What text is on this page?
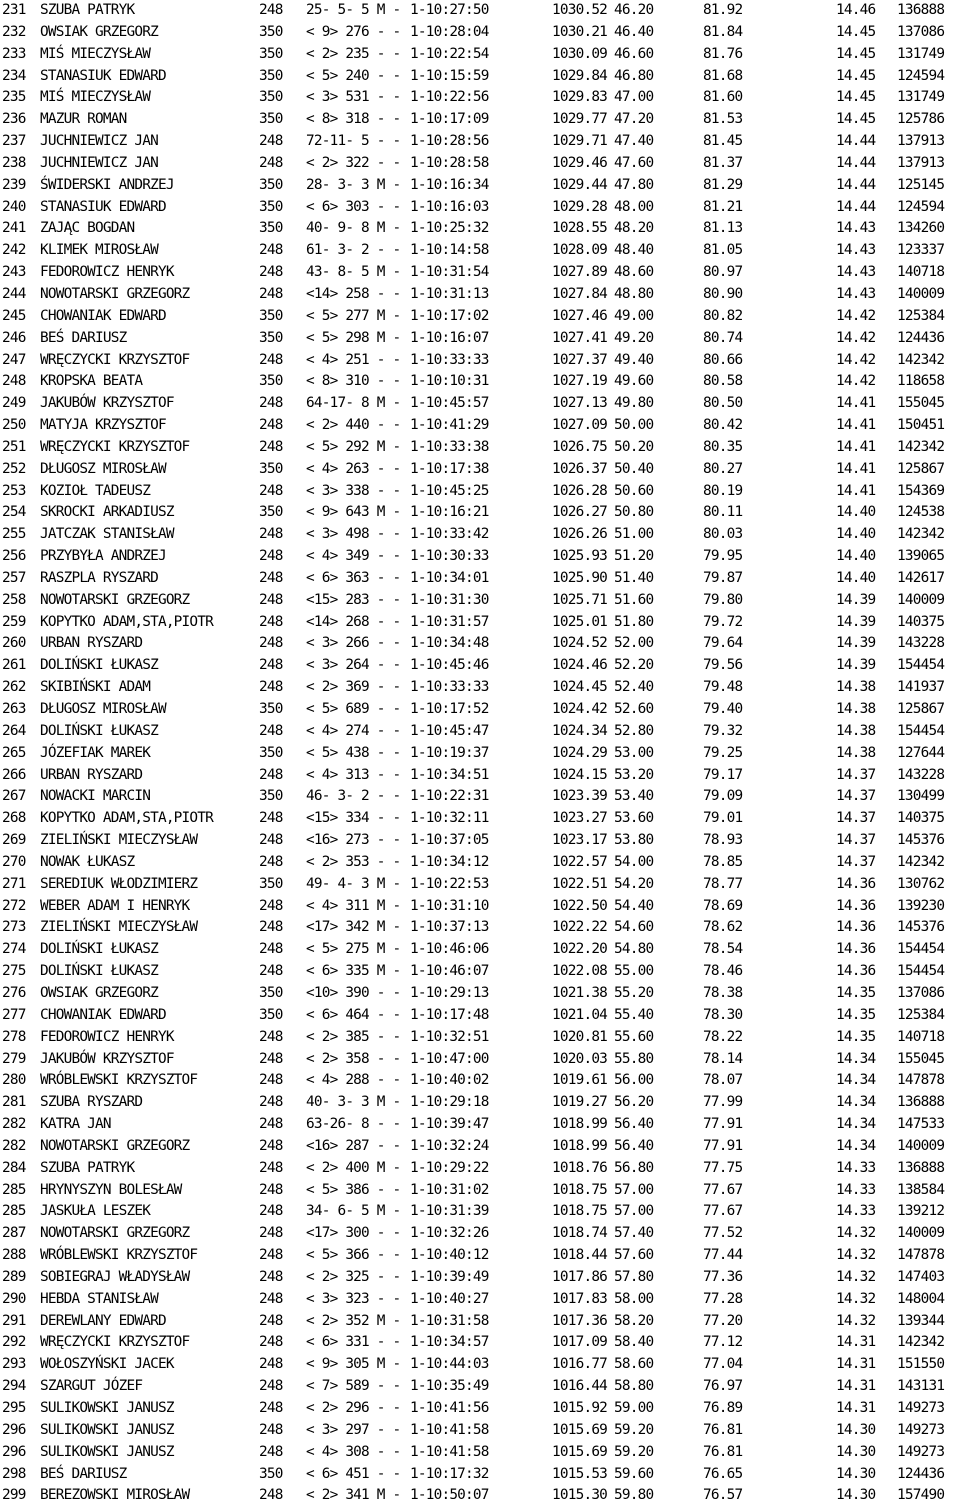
231 SZUBA PATRYK	248 25- 5- 5 M - 1-10:27:50	1030.52 46.20	81.92	14.46 136888
232 OWSIAK GRZEGORZ	350 < 9> 276 - - 1-10:28:04	1030.21 46.40	81.84	14.45 137086
233 MIŚ MIECZYSŁAW	350 < 2> 235 - - 1-10:22:54	1030.09 46.60	81.76	14.45 131749
234 STANASIUK EDWARD	350 < 5> 240 - - 1-10:15:59	1029.84 46.80	81.68	14.45 124594
235 MIŚ MIECZYSŁAW	350 < 3> 531 - - 1-10:22:56	1029.83 47.00	81.60	14.45 131749
236 MAZUR ROMAN	350 < 8> 318 - - 1-10:17:09	1029.77 47.20	81.53	14.45 125786
237 JUCHNIEWICZ JAN	248 72-11- 5 - - 1-10:28:56	1029.71 47.40	81.45	14.44 137913
238 JUCHNIEWICZ JAN	248 < 2> 322 - - 1-10:28:58	1029.46 47.60	81.37	14.44 137913
239 ŚWIDERSKI ANDRZEJ	350 28- 3- 3 M - 1-10:16:34	1029.44 47.80	81.29	14.44 125145
240 STANASIUK EDWARD	350 < 6> 303 - - 1-10:16:03	1029.28 48.00	81.21	14.44 124594
241 ZAJĄC BOGDAN	350 40- 9- 8 M - 1-10:25:32	1028.55 48.20	81.13	14.43 134260
242 KLIMEK MIROSŁAW	248 61- 3- 2 - - 1-10:14:58	1028.09 48.40	81.05	14.43 123337
243 FEDOROWICZ HENRYK	248 43- 8- 5 M - 1-10:31:54	1027.89 48.60	80.97	14.43 140718
244 NOWOTARSKI GRZEGORZ	248 <14> 258 - - 1-10:31:13	1027.84 48.80	80.90	14.43 140009
245 CHOWANIAK EDWARD	350 < 5> 277 M - 1-10:17:02	1027.46 49.00	80.82	14.42 125384
246 BEŚ DARIUSZ	350 < 5> 298 M - 1-10:16:07	1027.41 49.20	80.74	14.42 124436
247 WRĘCZYCKI KRZYSZTOF	248 < 4> 251 - - 1-10:33:33	1027.37 49.40	80.66	14.42 142342
248 KROPSKA BEATA	350 < 8> 310 - - 1-10:10:31	1027.19 49.60	80.58	14.42 118658
249 JAKUBÓW KRZYSZTOF	248 64-17- 8 M - 1-10:45:57	1027.13 49.80	80.50	14.41 155045
250 MATYJA KRZYSZTOF	248 < 2> 440 - - 1-10:41:29	1027.09 50.00	80.42	14.41 150451
251 WRĘCZYCKI KRZYSZTOF	248 < 5> 292 M - 1-10:33:38	1026.75 50.20	80.35	14.41 142342
252 DŁUGOSZ MIROSŁAW	350 < 4> 263 - - 1-10:17:38	1026.37 50.40	80.27	14.41 125867
253 KOZIOŁ TADEUSZ	248 < 3> 338 - - 1-10:45:25	1026.28 50.60	80.19	14.41 154369
254 SKROCKI ARKADIUSZ	350 < 9> 643 M - 1-10:16:21	1026.27 50.80	80.11	14.40 124538
255 JATCZAK STANISŁAW	248 < 3> 498 - - 1-10:33:42	1026.26 51.00	80.03	14.40 142342
256 PRZYBYŁA ANDRZEJ	248 < 4> 349 - - 1-10:30:33	1025.93 51.20	79.95	14.40 139065
257 RASZPLA RYSZARD	248 < 6> 363 - - 1-10:34:01	1025.90 51.40	79.87	14.40 142617
258 NOWOTARSKI GRZEGORZ	248 <15> 283 - - 1-10:31:30	1025.71 51.60	79.80	14.39 140009
259 KOPYTKO ADAM,STA,PIOTR	248 <14> 268 - - 1-10:31:57	1025.01 51.80	79.72	14.39 140375
260 URBAN RYSZARD	248 < 3> 266 - - 1-10:34:48	1024.52 52.00	79.64	14.39 143228
261 DOLIŃSKI ŁUKASZ	248 < 3> 264 - - 1-10:45:46	1024.46 52.20	79.56	14.39 154454
262 SKIBIŃSKI ADAM	248 < 2> 369 - - 1-10:33:33	1024.45 52.40	79.48	14.38 141937
263 DŁUGOSZ MIROSŁAW	350 < 5> 689 - - 1-10:17:52	1024.42 52.60	79.40	14.38 125867
264 DOLIŃSKI ŁUKASZ	248 < 4> 274 - - 1-10:45:47	1024.34 52.80	79.32	14.38 154454
265 JÓZEFIAK MAREK	350 < 5> 438 - - 1-10:19:37	1024.29 53.00	79.25	14.38 127644
266 URBAN RYSZARD	248 < 4> 313 - - 1-10:34:51	1024.15 53.20	79.17	14.37 143228
267 NOWACKI MARCIN	350 46- 3- 2 - - 1-10:22:31	1023.39 53.40	79.09	14.37 130499
268 KOPYTKO ADAM,STA,PIOTR	248 <15> 334 - - 1-10:32:11	1023.27 53.60	79.01	14.37 140375
269 ZIELIŃSKI MIECZYSŁAW	248 <16> 273 - - 1-10:37:05	1023.17 53.80	78.93	14.37 145376
270 NOWAK ŁUKASZ	248 < 2> 353 - - 1-10:34:12	1022.57 54.00	78.85	14.37 142342
271 SEREDIUK WŁODZIMIERZ	350 49- 4- 3 M - 1-10:22:53	1022.51 54.20	78.77	14.36 130762
272 WEBER ADAM I HENRYK	248 < 4> 311 M - 1-10:31:10	1022.50 54.40	78.69	14.36 139230
273 ZIELIŃSKI MIECZYSŁAW	248 <17> 342 M - 1-10:37:13	1022.22 54.60	78.62	14.36 145376
274 DOLIŃSKI ŁUKASZ	248 < 5> 275 M - 1-10:46:06	1022.20 54.80	78.54	14.36 154454
275 DOLIŃSKI ŁUKASZ	248 < 6> 335 M - 1-10:46:07	1022.08 55.00	78.46	14.36 154454
276 OWSIAK GRZEGORZ	350 <10> 390 - - 1-10:29:13	1021.38 55.20	78.38	14.35 137086
277 CHOWANIAK EDWARD	350 < 6> 464 - - 1-10:17:48	1021.04 55.40	78.30	14.35 125384
278 FEDOROWICZ HENRYK	248 < 2> 385 - - 1-10:32:51	1020.81 55.60	78.22	14.35 140718
279 JAKUBÓW KRZYSZTOF	248 < 2> 358 - - 1-10:47:00	1020.03 55.80	78.14	14.34 155045
280 WRÓBLEWSKI KRZYSZTOF	248 < 4> 288 - - 1-10:40:02	1019.61 56.00	78.07	14.34 147878
281 SZUBA RYSZARD	248 40- 3- 3 M - 1-10:29:18	1019.27 56.20	77.99	14.34 136888
282 KATRA JAN	248 63-26- 8 - - 1-10:39:47	1018.99 56.40	77.91	14.34 147533
282 NOWOTARSKI GRZEGORZ	248 <16> 287 - - 1-10:32:24	1018.99 56.40	77.91	14.34 140009
284 SZUBA PATRYK	248 < 2> 400 M - 1-10:29:22	1018.76 56.80	77.75	14.33 136888
285 HRYNYSZYN BOLESŁAW	248 < 5> 386 - - 1-10:31:02	1018.75 57.00	77.67	14.33 138584
285 JASKUŁA LESZEK	248 34- 6- 5 M - 1-10:31:39	1018.75 57.00	77.67	14.33 139212
287 NOWOTARSKI GRZEGORZ	248 <17> 300 - - 1-10:32:26	1018.74 57.40	77.52	14.32 140009
288 WRÓBLEWSKI KRZYSZTOF	248 < 5> 366 - - 1-10:40:12	1018.44 57.60	77.44	14.32 147878
289 SOBIEGRAJ WŁADYSŁAW	248 < 2> 325 - - 1-10:39:49	1017.86 57.80	77.36	14.32 147403
290 HEBDA STANISŁAW	248 < 3> 323 - - 1-10:40:27	1017.83 58.00	77.28	14.32 148004
291 DEREWLANY EDWARD	248 < 2> 352 M - 1-10:31:58	1017.36 58.20	77.20	14.32 139344
292 WRĘCZYCKI KRZYSZTOF	248 < 6> 331 - - 1-10:34:57	1017.09 58.40	77.12	14.31 142342
293 WOŁOSZYŃSKI JACEK	248 < 9> 305 M - 1-10:44:03	1016.77 58.60	77.04	14.31 151550
294 SZARGUT JÓZEF	248 < 7> 589 - - 1-10:35:49	1016.44 58.80	76.97	14.31 143131
295 SULIKOWSKI JANUSZ	248 < 2> 296 - - 1-10:41:56	1015.92 59.00	76.89	14.31 149273
296 SULIKOWSKI JANUSZ	248 < 3> 297 - - 1-10:41:58	1015.69 59.20	76.81	14.30 149273
296 SULIKOWSKI JANUSZ	248 < 4> 308 - - 1-10:41:58	1015.69 59.20	76.81	14.30 149273
298 BEŚ DARIUSZ	350 < 6> 451 - - 1-10:17:32	1015.53 59.60	76.65	14.30 124436
299 BEREZOWSKI MIROSŁAW	248 < 2> 341 M - 1-10:50:07	1015.30 59.80	76.57	14.30 157490
